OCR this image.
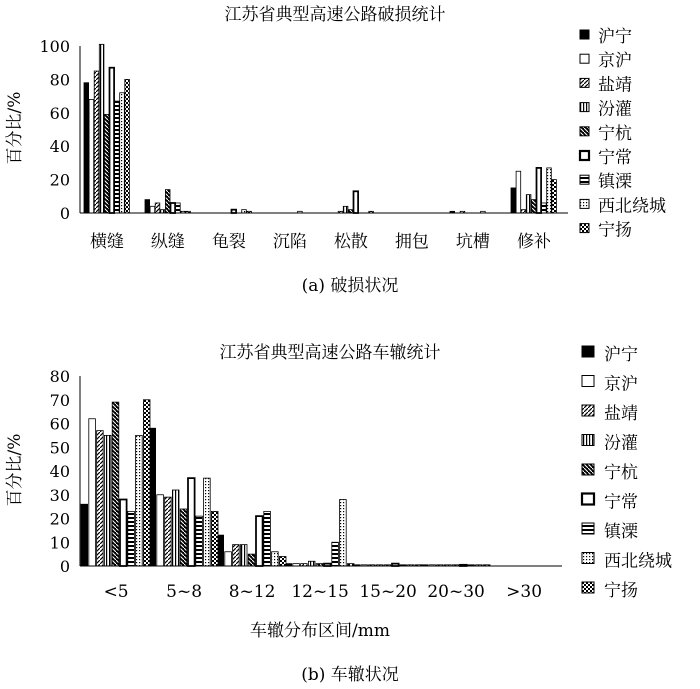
江苏省典型高速公路破损统计
百分比/%
0
20
40
60
80
100
横缝 纵缝 龟裂 沉陷 松散 拥包 坑槽 修补
沪宁
京沪
盐靖
汾灌
宁杭
宁常
镇溧
西北绕城
宁扬
(a) 破损状况
江苏省典型高速公路车辙统计
百分比/%
0
10
20
30
40
50
60
70
80
<5 5~8 8~12 12~15 15~20 20~30 >30
沪宁
京沪
盐靖
汾灌
宁杭
宁常
镇溧
西北绕城
宁扬
车辙分布区间/mm
(b) 车辙状况
